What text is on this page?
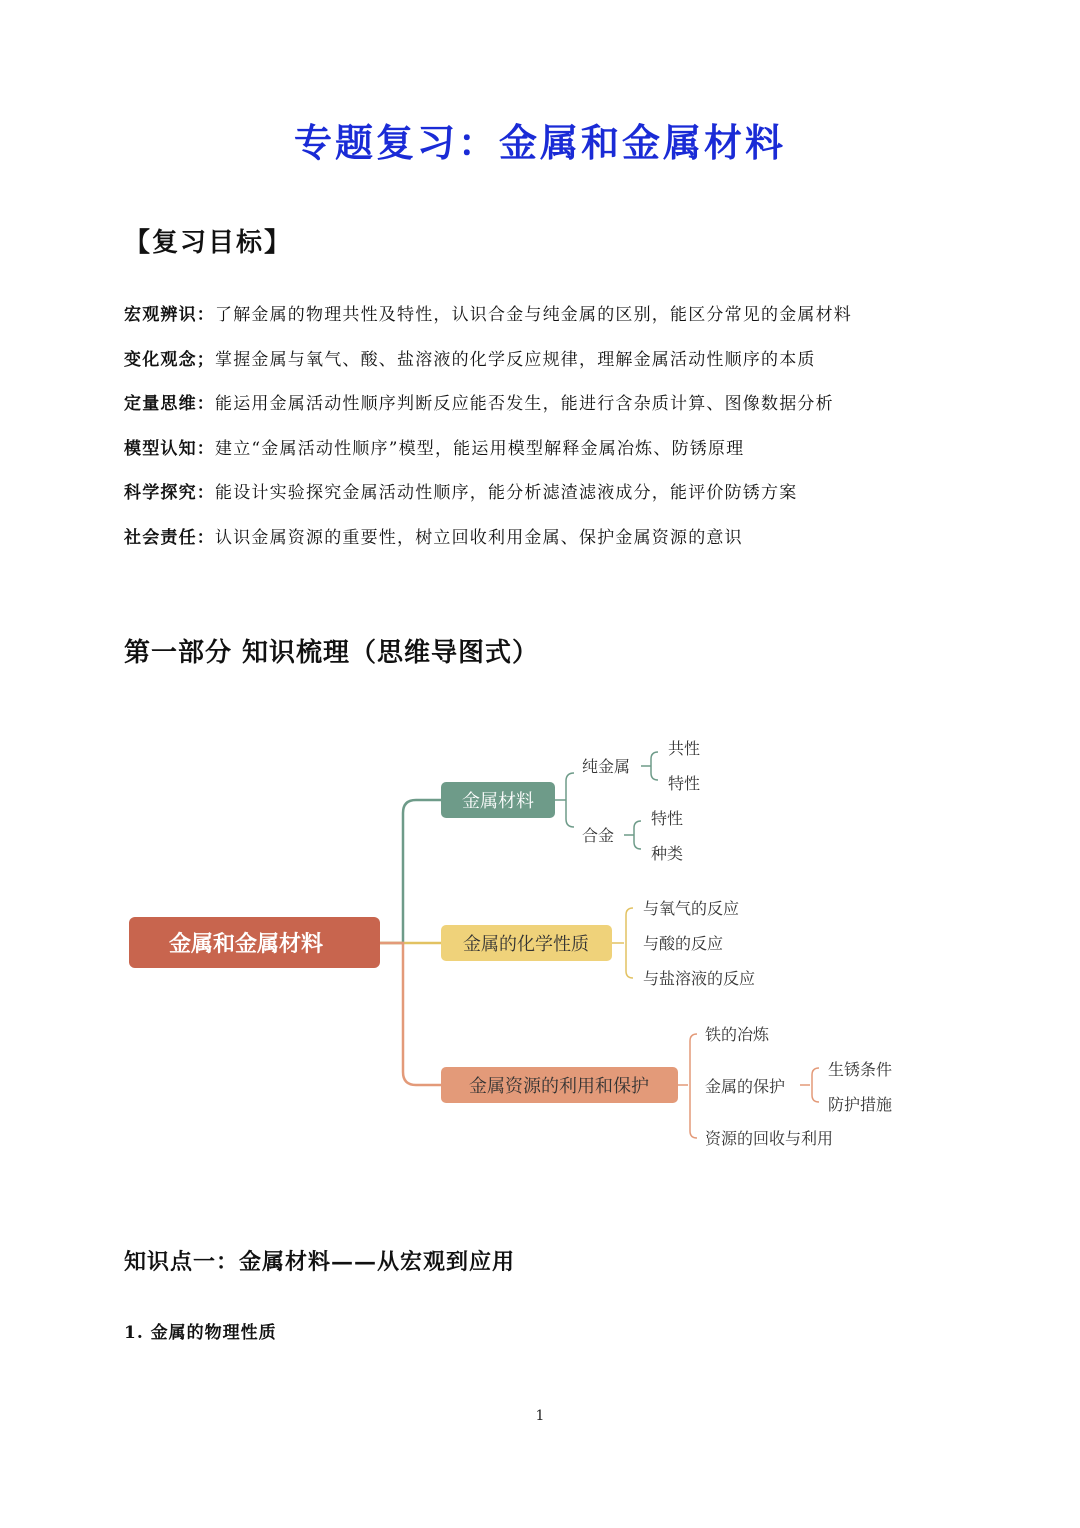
专题复习：金属和金属材料
【复习目标】
宏观辨识：了解金属的物理共性及特性，认识合金与纯金属的区别，能区分常见的金属材料
变化观念；掌握金属与氧气、酸、盐溶液的化学反应规律，理解金属活动性顺序的本质
定量思维：能运用金属活动性顺序判断反应能否发生，能进行含杂质计算、图像数据分析
模型认知：建立“金属活动性顺序”模型，能运用模型解释金属冶炼、防锈原理
科学探究：能设计实验探究金属活动性顺序，能分析滤渣滤液成分，能评价防锈方案
社会责任：认识金属资源的重要性，树立回收利用金属、保护金属资源的意识
第一部分 知识梳理（思维导图式）
金属和金属材料
金属材料
纯金属
共性
特性
合金
特性
种类
金属的化学性质
与氧气的反应
与酸的反应
与盐溶液的反应
金属资源的利用和保护
铁的冶炼
金属的保护
生锈条件
防护措施
资源的回收与利用
知识点一：金属材料——从宏观到应用
1. 金属的物理性质
1
